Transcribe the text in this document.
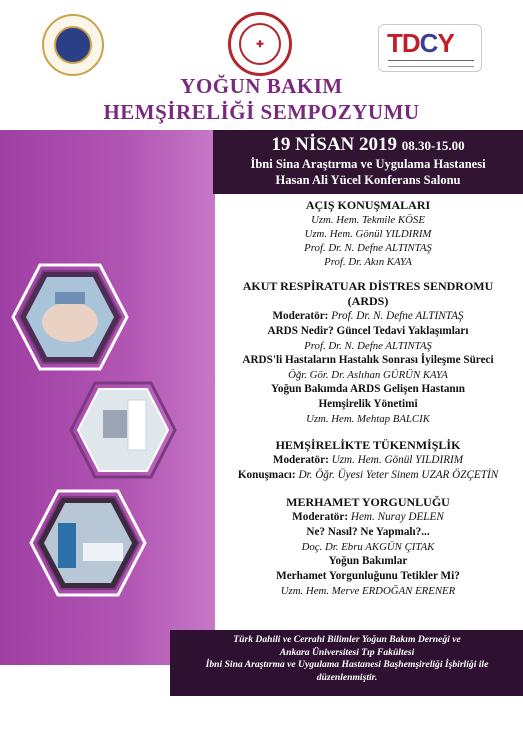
✚	TDCY
YOĞUN BAKIM
HEMŞİRELİĞİ SEMPOZYUMU
19 NİSAN 2019 08.30-15.00
İbni Sina Araştırma ve Uygulama Hastanesi
Hasan Ali Yücel Konferans Salonu
AÇIŞ KONUŞMALARI
Uzm. Hem. Tekmile KÖSE
Uzm. Hem. Gönül YILDIRIM
Prof. Dr. N. Defne ALTINTAŞ
Prof. Dr. Akın KAYA
AKUT RESPİRATUAR DİSTRES SENDROMU
(ARDS)
Moderatör: Prof. Dr. N. Defne ALTINTAŞ
ARDS Nedir? Güncel Tedavi Yaklaşımları
Prof. Dr. N. Defne ALTINTAŞ
ARDS'li Hastaların Hastalık Sonrası İyileşme Süreci
Öğr. Gör. Dr. Aslıhan GÜRÜN KAYA
Yoğun Bakımda ARDS Gelişen Hastanın
Hemşirelik Yönetimi
Uzm. Hem. Mehtap BALCIK
HEMŞİRELİKTE TÜKENMİŞLİK
Moderatör: Uzm. Hem. Gönül YILDIRIM
Konuşmacı: Dr. Öğr. Üyesi Yeter Sinem UZAR ÖZÇETİN
MERHAMET YORGUNLUĞU
Moderatör: Hem. Nuray DELEN
Ne? Nasıl? Ne Yapmalı?...
Doç. Dr. Ebru AKGÜN ÇITAK
Yoğun Bakımlar
Merhamet Yorgunluğunu Tetikler Mi?
Uzm. Hem. Merve ERDOĞAN ERENER
Türk Dahili ve Cerrahi Bilimler Yoğun Bakım Derneği ve
Ankara Üniversitesi Tıp Fakültesi
İbni Sina Araştırma ve Uygulama Hastanesi Başhemşireliği İşbirliği ile
düzenlenmiştir.
